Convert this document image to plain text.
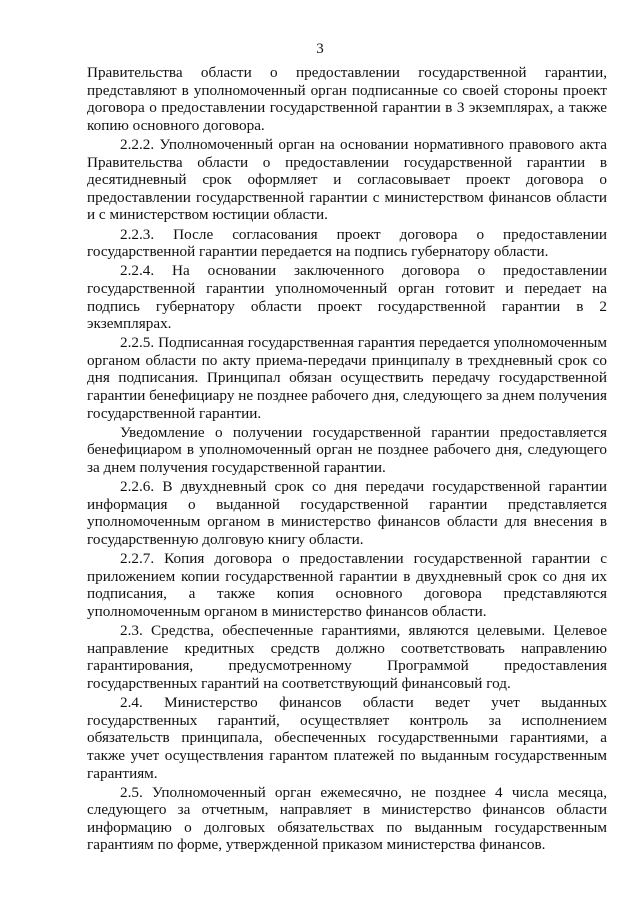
3

Правительства области о предоставлении государственной гарантии, представляют в уполномоченный орган подписанные со своей стороны проект договора о предоставлении государственной гарантии в 3 экземплярах, а также копию основного договора.

2.2.2. Уполномоченный орган на основании нормативного правового акта Правительства области о предоставлении государственной гарантии в десятидневный срок оформляет и согласовывает проект договора о предоставлении государственной гарантии с министерством финансов области и с министерством юстиции области.

2.2.3. После согласования проект договора о предоставлении государственной гарантии передается на подпись губернатору области.

2.2.4. На основании заключенного договора о предоставлении государственной гарантии уполномоченный орган готовит и передает на подпись губернатору области проект государственной гарантии в 2 экземплярах.

2.2.5. Подписанная государственная гарантия передается уполномоченным органом области по акту приема-передачи принципалу в трехдневный срок со дня подписания. Принципал обязан осуществить передачу государственной гарантии бенефициару не позднее рабочего дня, следующего за днем получения государственной гарантии.

Уведомление о получении государственной гарантии предоставляется бенефициаром в уполномоченный орган не позднее рабочего дня, следующего за днем получения государственной гарантии.

2.2.6. В двухдневный срок со дня передачи государственной гарантии информация о выданной государственной гарантии представляется уполномоченным органом в министерство финансов области для внесения в государственную долговую книгу области.

2.2.7. Копия договора о предоставлении государственной гарантии с приложением копии государственной гарантии в двухдневный срок со дня их подписания, а также копия основного договора представляются уполномоченным органом в министерство финансов области.

2.3. Средства, обеспеченные гарантиями, являются целевыми. Целевое направление кредитных средств должно соответствовать направлению гарантирования, предусмотренному Программой предоставления государственных гарантий на соответствующий финансовый год.

2.4. Министерство финансов области ведет учет выданных государственных гарантий, осуществляет контроль за исполнением обязательств принципала, обеспеченных государственными гарантиями, а также учет осуществления гарантом платежей по выданным государственным гарантиям.

2.5. Уполномоченный орган ежемесячно, не позднее 4 числа месяца, следующего за отчетным, направляет в министерство финансов области информацию о долговых обязательствах по выданным государственным гарантиям по форме, утвержденной приказом министерства финансов.
